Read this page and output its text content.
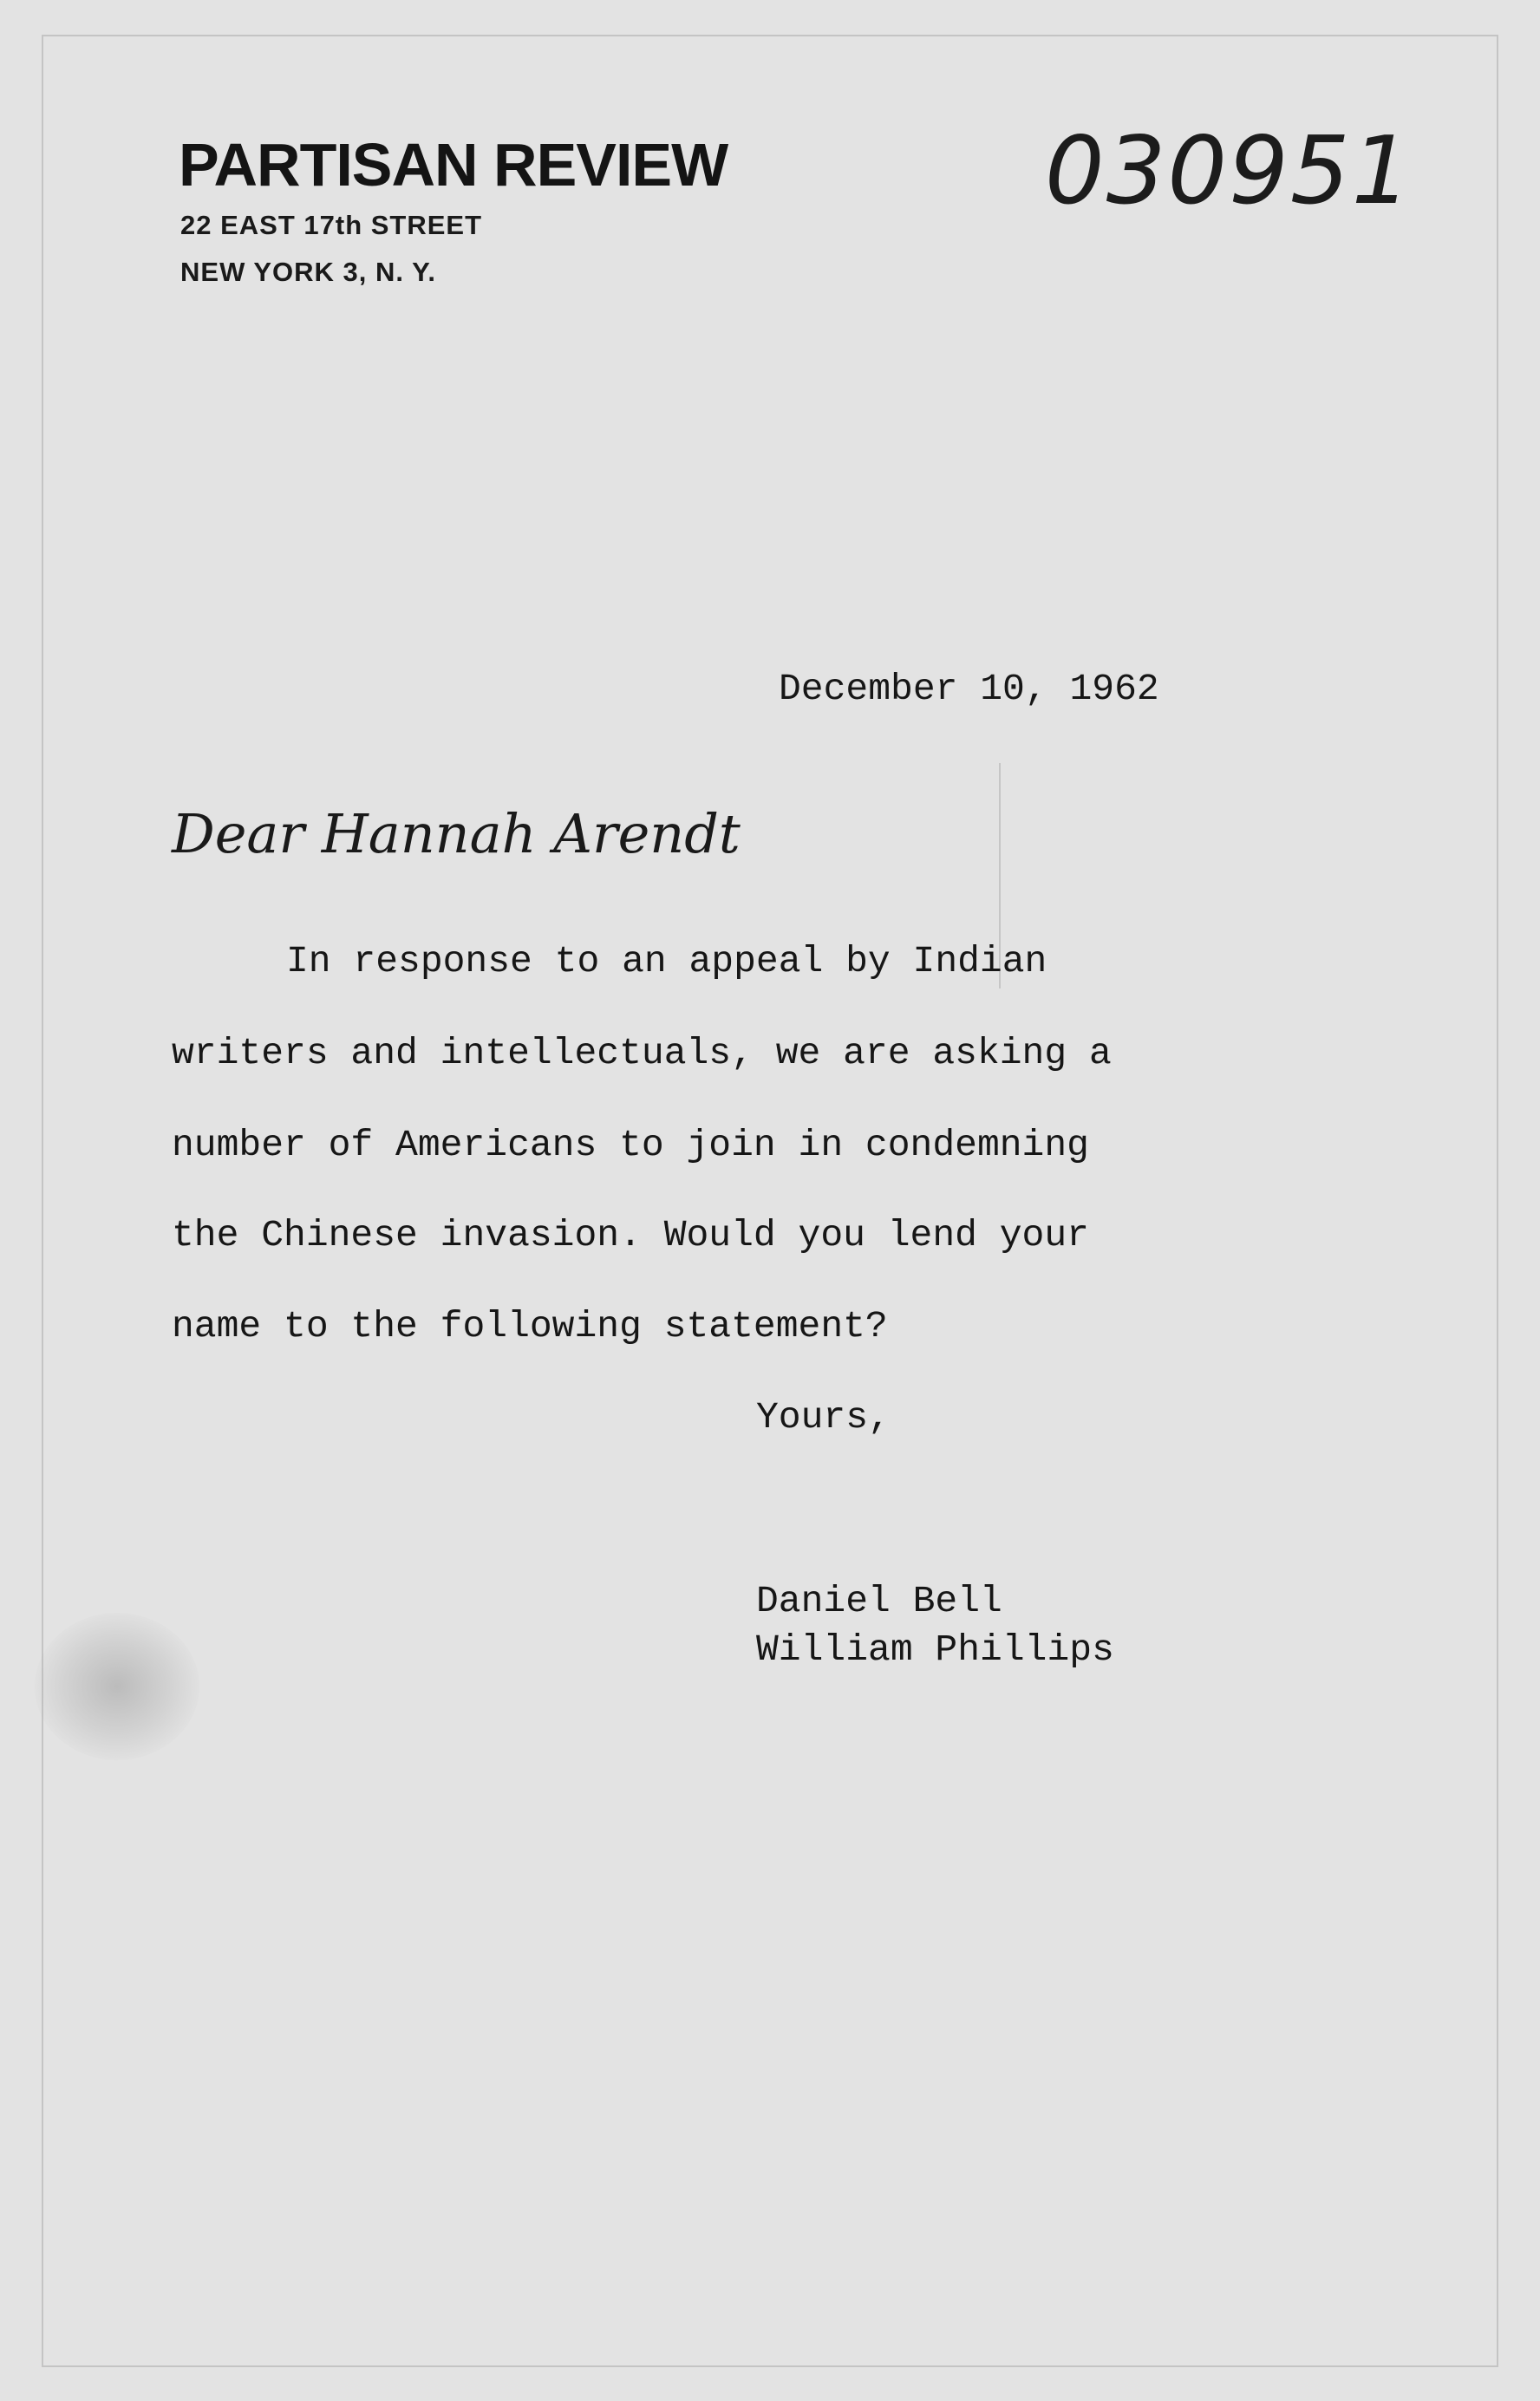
PARTISAN REVIEW
22 EAST 17th STREET
NEW YORK 3, N. Y.
030951
December 10, 1962
Dear Hannah Arendt
In response to an appeal by Indian
writers and intellectuals, we are asking a
number of Americans to join in condemning
the Chinese invasion. Would you lend your
name to the following statement?
Yours,
Daniel Bell
William Phillips
